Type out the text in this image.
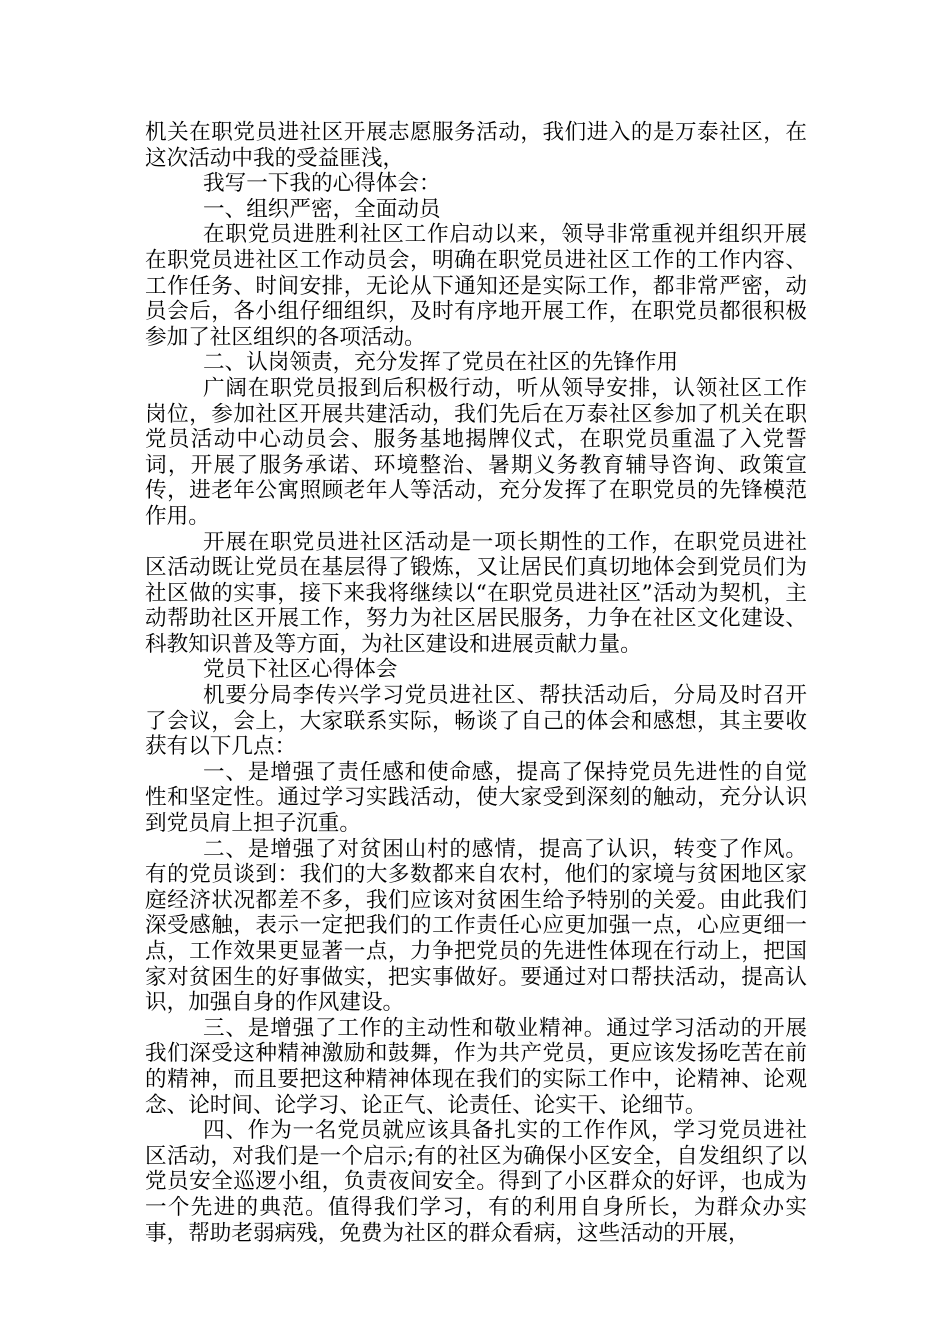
机关在职党员进社区开展志愿服务活动，我们进入的是万泰社区，在这次活动中我的受益匪浅，

我写一下我的心得体会：

一、组织严密，全面动员

在职党员进胜利社区工作启动以来，领导非常重视并组织开展在职党员进社区工作动员会，明确在职党员进社区工作的工作内容、工作任务、时间安排，无论从下通知还是实际工作，都非常严密，动员会后，各小组仔细组织，及时有序地开展工作，在职党员都很积极参加了社区组织的各项活动。

二、认岗领责，充分发挥了党员在社区的先锋作用

广阔在职党员报到后积极行动，听从领导安排，认领社区工作岗位，参加社区开展共建活动，我们先后在万泰社区参加了机关在职党员活动中心动员会、服务基地揭牌仪式，在职党员重温了入党誓词，开展了服务承诺、环境整治、暑期义务教育辅导咨询、政策宣传，进老年公寓照顾老年人等活动，充分发挥了在职党员的先锋模范作用。

开展在职党员进社区活动是一项长期性的工作，在职党员进社区活动既让党员在基层得了锻炼，又让居民们真切地体会到党员们为社区做的实事，接下来我将继续以“在职党员进社区”活动为契机，主动帮助社区开展工作，努力为社区居民服务，力争在社区文化建设、科教知识普及等方面，为社区建设和进展贡献力量。

党员下社区心得体会

机要分局李传兴学习党员进社区、帮扶活动后，分局及时召开了会议，会上，大家联系实际，畅谈了自己的体会和感想，其主要收获有以下几点：

一、是增强了责任感和使命感，提高了保持党员先进性的自觉性和坚定性。通过学习实践活动，使大家受到深刻的触动，充分认识到党员肩上担子沉重。

二、是增强了对贫困山村的感情，提高了认识，转变了作风。有的党员谈到：我们的大多数都来自农村，他们的家境与贫困地区家庭经济状况都差不多，我们应该对贫困生给予特别的关爱。由此我们深受感触，表示一定把我们的工作责任心应更加强一点，心应更细一点，工作效果更显著一点，力争把党员的先进性体现在行动上，把国家对贫困生的好事做实，把实事做好。要通过对口帮扶活动，提高认识，加强自身的作风建设。

三、是增强了工作的主动性和敬业精神。通过学习活动的开展我们深受这种精神激励和鼓舞，作为共产党员，更应该发扬吃苦在前的精神，而且要把这种精神体现在我们的实际工作中，论精神、论观念、论时间、论学习、论正气、论责任、论实干、论细节。

四、作为一名党员就应该具备扎实的工作作风，学习党员进社区活动，对我们是一个启示;有的社区为确保小区安全，自发组织了以党员安全巡逻小组，负责夜间安全。得到了小区群众的好评，也成为一个先进的典范。值得我们学习，有的利用自身所长，为群众办实事，帮助老弱病残，免费为社区的群众看病，这些活动的开展，
